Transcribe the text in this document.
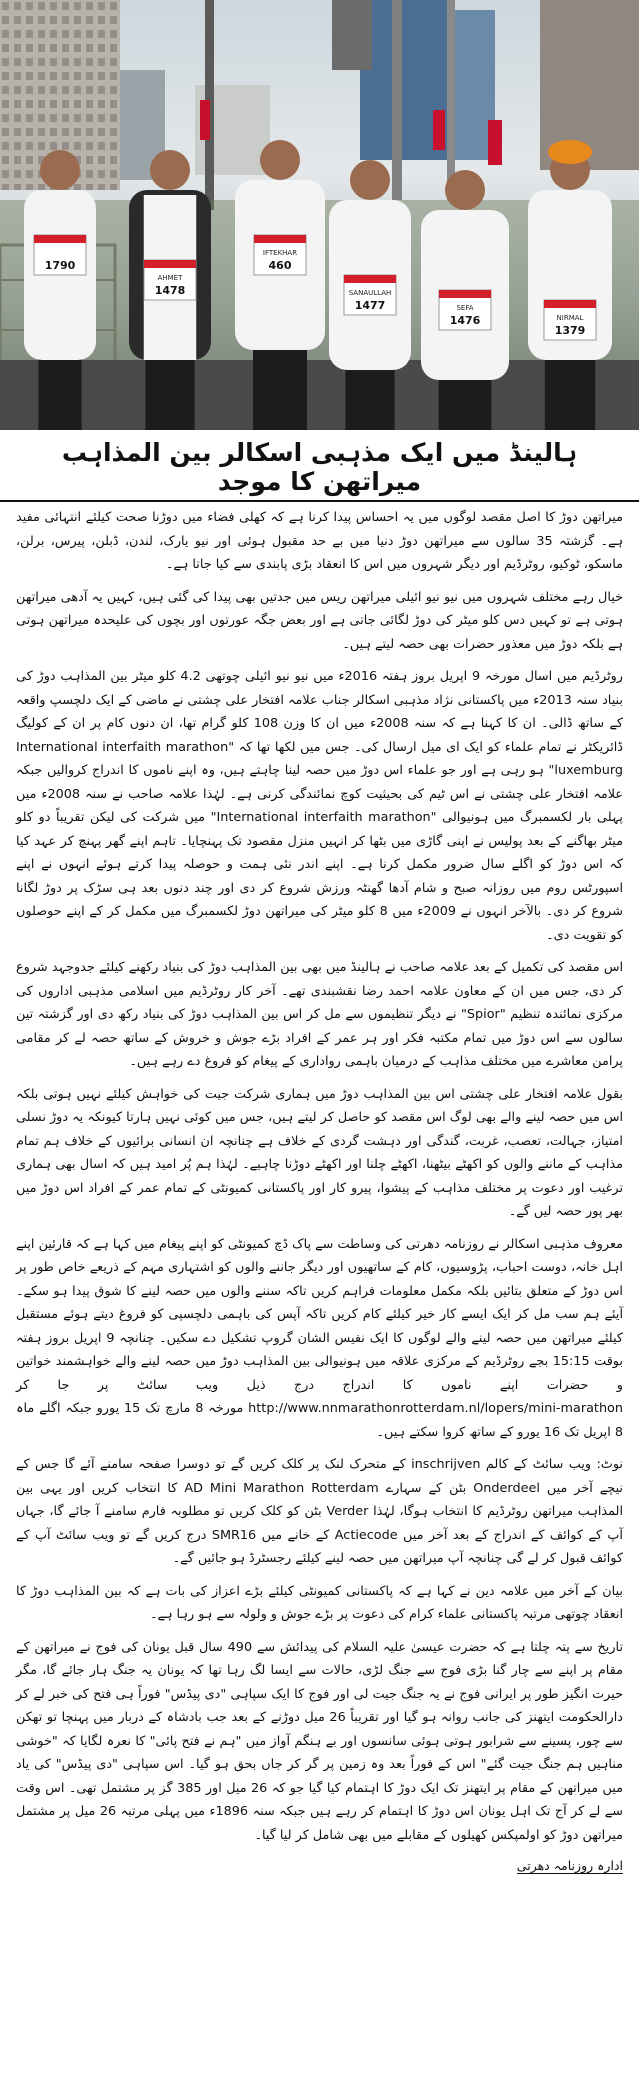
1790
AHMET
1478
IFTEKHAR
460
SANAULLAH
1477	SEFA
1476	NIRMAL
1379
ہالینڈ میں ایک مذہبی اسکالر بین المذاہب میراتھن کا موجد

میراتھن دوڑ کا اصل مقصد لوگوں میں یہ احساس پیدا کرنا ہے کہ کھلی فضاء میں دوڑنا صحت کیلئے انتہائی مفید ہے۔ گزشتہ 35 سالوں سے میراتھن دوڑ دنیا میں بے حد مقبول ہوئی اور نیو یارک، لندن، ڈبلن، پیرس، برلن، ماسکو، ٹوکیو، روٹرڈیم اور دیگر شہروں میں اس کا انعقاد بڑی پابندی سے کیا جاتا ہے۔

خیال رہے مختلف شہروں میں نیو نیو ائیلی میراتھن ریس میں جدتیں بھی پیدا کی گئی ہیں، کہیں یہ آدھی میراتھن ہوتی ہے تو کہیں دس کلو میٹر کی دوڑ لگائی جاتی ہے اور بعض جگہ عورتوں اور بچوں کی علیحدہ میراتھن ہوتی ہے بلکہ دوڑ میں معذور حضرات بھی حصہ لیتے ہیں۔

روٹرڈیم میں اسال مورخہ 9 اپریل بروز ہفتہ 2016ء میں نیو نیو ائیلی چوتھی 4.2 کلو میٹر بین المذاہب دوڑ کی بنیاد سنہ 2013ء میں پاکستانی نژاد مذہبی اسکالر جناب علامہ افتخار علی چشتی نے ماضی کے ایک دلچسپ واقعہ کے ساتھ ڈالی۔ ان کا کہنا ہے کہ سنہ 2008ء میں ان کا وزن 108 کلو گرام تھا، ان دنوں کام پر ان کے کولیگ ڈائریکٹر نے تمام علماء کو ایک ای میل ارسال کی۔ جس میں لکھا تھا کہ "International interfaith marathon luxemburg" ہو رہی ہے اور جو علماء اس دوڑ میں حصہ لینا چاہتے ہیں، وہ اپنے ناموں کا اندراج کروالیں جبکہ علامہ افتخار علی چشتی نے اس ٹیم کی بحیثیت کوچ نمائندگی کرنی ہے۔ لہٰذا علامہ صاحب نے سنہ 2008ء میں پہلی بار لکسمبرگ میں ہونیوالی "International interfaith marathon" میں شرکت کی لیکن تقریباً دو کلو میٹر بھاگنے کے بعد پولیس نے اپنی گاڑی میں بٹھا کر انہیں منزل مقصود تک پہنچایا۔ تاہم اپنے گھر پہنچ کر عہد کیا کہ اس دوڑ کو اگلے سال ضرور مکمل کرنا ہے۔ اپنے اندر نئی ہمت و حوصلہ پیدا کرتے ہوئے انہوں نے اپنے اسپورٹس روم میں روزانہ صبح و شام آدھا گھنٹہ ورزش شروع کر دی اور چند دنوں بعد ہی سڑک پر دوڑ لگانا شروع کر دی۔ بالآخر انہوں نے 2009ء میں 8 کلو میٹر کی میراتھن دوڑ لکسمبرگ میں مکمل کر کے اپنے حوصلوں کو تقویت دی۔

اس مقصد کی تکمیل کے بعد علامہ صاحب نے ہالینڈ میں بھی بین المذاہب دوڑ کی بنیاد رکھنے کیلئے جدوجہد شروع کر دی، جس میں ان کے معاون علامہ احمد رضا نقشبندی تھے۔ آخر کار روٹرڈیم میں اسلامی مذہبی اداروں کی مرکزی نمائندہ تنظیم "Spior" نے دیگر تنظیموں سے مل کر اس بین المذاہب دوڑ کی بنیاد رکھ دی اور گزشتہ تین سالوں سے اس دوڑ میں تمام مکتبہ فکر اور ہر عمر کے افراد بڑے جوش و خروش کے ساتھ حصہ لے کر مقامی پرامن معاشرے میں مختلف مذاہب کے درمیان باہمی رواداری کے پیغام کو فروغ دے رہے ہیں۔

بقول علامہ افتخار علی چشتی اس بین المذاہب دوڑ میں ہماری شرکت جیت کی خواہش کیلئے نہیں ہوتی بلکہ اس میں حصہ لینے والے بھی لوگ اس مقصد کو حاصل کر لیتے ہیں، جس میں کوئی نہیں ہارتا کیونکہ یہ دوڑ نسلی امتیاز، جہالت، تعصب، غربت، گندگی اور دہشت گردی کے خلاف ہے چنانچہ ان انسانی برائیوں کے خلاف ہم تمام مذاہب کے ماننے والوں کو اکھٹے بیٹھنا، اکھٹے چلنا اور اکھٹے دوڑنا چاہیے۔ لہٰذا ہم پُر امید ہیں کہ اسال بھی ہماری ترغیب اور دعوت پر مختلف مذاہب کے پیشوا، پیرو کار اور پاکستانی کمیونٹی کے تمام عمر کے افراد اس دوڑ میں بھر پور حصہ لیں گے۔

معروف مذہبی اسکالر نے روزنامہ دھرتی کی وساطت سے پاک ڈچ کمیونٹی کو اپنے پیغام میں کہا ہے کہ قارئین اپنے اہل خانہ، دوست احباب، پڑوسیوں، کام کے ساتھیوں اور دیگر جاننے والوں کو اشتہاری مہم کے ذریعے خاص طور پر اس دوڑ کے متعلق بتائیں بلکہ مکمل معلومات فراہم کریں تاکہ سننے والوں میں حصہ لینے کا شوق پیدا ہو سکے۔ آیئے ہم سب مل کر ایک ایسے کار خیر کیلئے کام کریں تاکہ آپس کی باہمی دلچسپی کو فروغ دیتے ہوئے مستقبل کیلئے میراتھن میں حصہ لینے والے لوگوں کا ایک نفیس الشان گروپ تشکیل دے سکیں۔ چنانچہ 9 اپریل بروز ہفتہ بوقت 15:15 بجے روٹرڈیم کے مرکزی علاقہ میں ہونیوالی بین المذاہب دوڑ میں حصہ لینے والے خواہشمند خواتین و حضرات اپنے ناموں کا اندراج درج ذیل ویب سائٹ پر جا کر http://www.nnmarathonrotterdam.nl/lopers/mini-marathon مورخہ 8 مارچ تک 15 یورو جبکہ اگلے ماہ 8 اپریل تک 16 یورو کے ساتھ کروا سکتے ہیں۔

نوٹ: ویب سائٹ کے کالم inschrijven کے متحرک لنک پر کلک کریں گے تو دوسرا صفحہ سامنے آئے گا جس کے نیچے آخر میں Onderdeel بٹن کے سہارے AD Mini Marathon Rotterdam کا انتخاب کریں اور یہی بین المذاہب میراتھن روٹرڈیم کا انتخاب ہوگا، لہٰذا Verder بٹن کو کلک کریں تو مطلوبہ فارم سامنے آ جائے گا، جہاں آپ کے کوائف کے اندراج کے بعد آخر میں Actiecode کے خانے میں SMR16 درج کریں گے تو ویب سائٹ آپ کے کوائف قبول کر لے گی چنانچہ آپ میراتھن میں حصہ لینے کیلئے رجسٹرڈ ہو جائیں گے۔

بیان کے آخر میں علامہ دین نے کہا ہے کہ پاکستانی کمیونٹی کیلئے بڑے اعزاز کی بات ہے کہ بین المذاہب دوڑ کا انعقاد چوتھی مرتبہ پاکستانی علماء کرام کی دعوت پر بڑے جوش و ولولہ سے ہو رہا ہے۔

تاریخ سے پتہ چلتا ہے کہ حضرت عیسیٰ علیہ السلام کی پیدائش سے 490 سال قبل یونان کی فوج نے میراتھن کے مقام پر اپنے سے چار گنا بڑی فوج سے جنگ لڑی، حالات سے ایسا لگ رہا تھا کہ یونان یہ جنگ ہار جائے گا، مگر حیرت انگیز طور پر ایرانی فوج نے یہ جنگ جیت لی اور فوج کا ایک سپاہی "دی پیڈس" فوراً ہی فتح کی خبر لے کر دارالحکومت ایتھنز کی جانب روانہ ہو گیا اور تقریباً 26 میل دوڑنے کے بعد جب بادشاہ کے دربار میں پہنچا تو تھکن سے چور، پسینے سے شرابور ہوتی ہوئی سانسوں اور بے ہنگم آواز میں "ہم نے فتح پائی" کا نعرہ لگایا کہ "خوشی مناہیں ہم جنگ جیت گئے" اس کے فوراً بعد وہ زمین پر گر کر جاں بحق ہو گیا۔ اس سپاہی "دی پیڈس" کی یاد میں میراتھن کے مقام پر ایتھنز تک ایک دوڑ کا اہتمام کیا گیا جو کہ 26 میل اور 385 گز پر مشتمل تھی۔ اس وقت سے لے کر آج تک اہل یونان اس دوڑ کا اہتمام کر رہے ہیں جبکہ سنہ 1896ء میں پہلی مرتبہ 26 میل پر مشتمل میراتھن دوڑ کو اولمپکس کھیلوں کے مقابلے میں بھی شامل کر لیا گیا۔

ادارہ روزنامہ دھرتی
